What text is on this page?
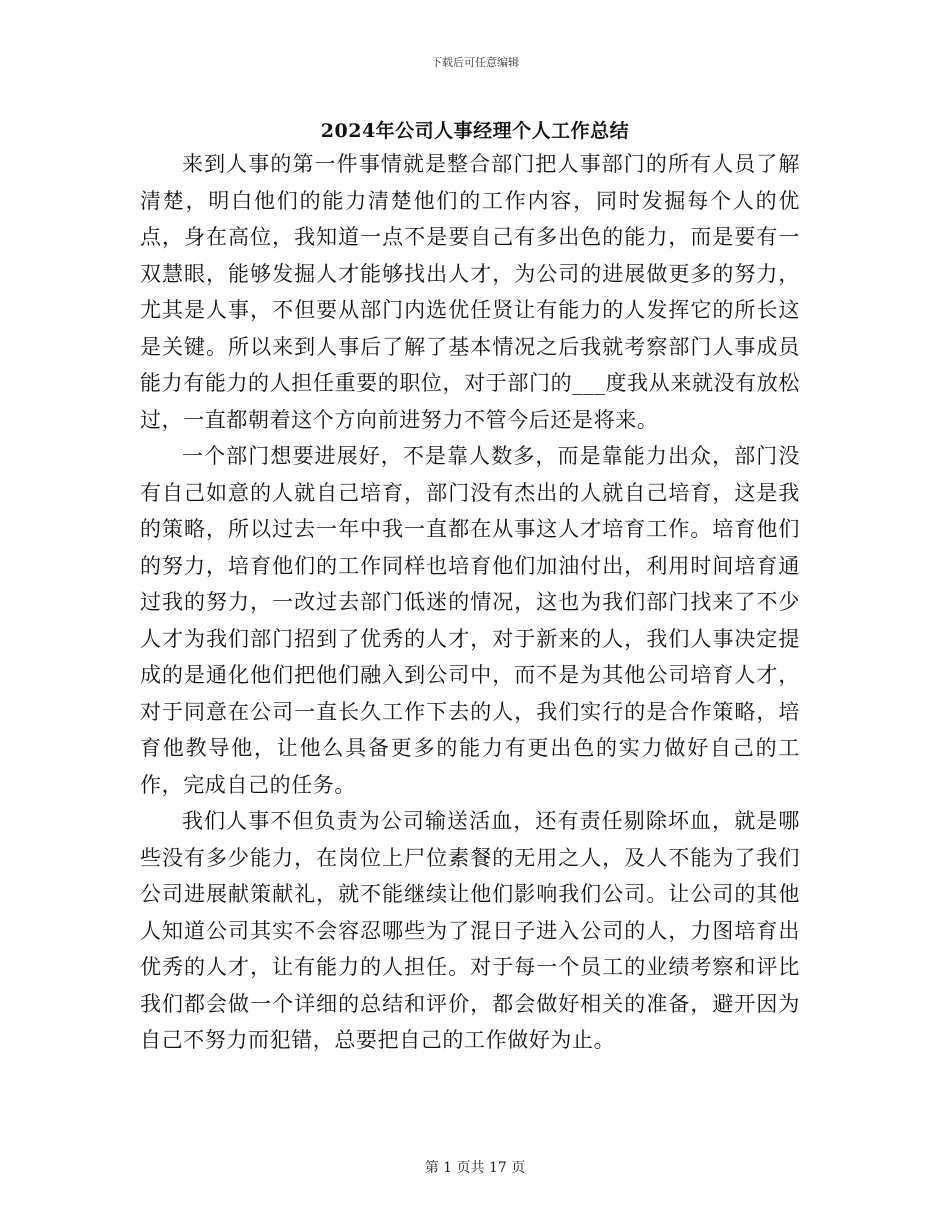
下载后可任意编辑
2024年公司人事经理个人工作总结

来到人事的第一件事情就是整合部门把人事部门的所有人员了解清楚，明白他们的能力清楚他们的工作内容，同时发掘每个人的优点，身在高位，我知道一点不是要自己有多出色的能力，而是要有一双慧眼，能够发掘人才能够找出人才，为公司的进展做更多的努力，尤其是人事，不但要从部门内选优任贤让有能力的人发挥它的所长这是关键。所以来到人事后了解了基本情况之后我就考察部门人事成员能力有能力的人担任重要的职位，对于部门的___度我从来就没有放松过，一直都朝着这个方向前进努力不管今后还是将来。

一个部门想要进展好，不是靠人数多，而是靠能力出众，部门没有自己如意的人就自己培育，部门没有杰出的人就自己培育，这是我的策略，所以过去一年中我一直都在从事这人才培育工作。培育他们的努力，培育他们的工作同样也培育他们加油付出，利用时间培育通过我的努力，一改过去部门低迷的情况，这也为我们部门找来了不少人才为我们部门招到了优秀的人才，对于新来的人，我们人事决定提成的是通化他们把他们融入到公司中，而不是为其他公司培育人才，对于同意在公司一直长久工作下去的人，我们实行的是合作策略，培育他教导他，让他么具备更多的能力有更出色的实力做好自己的工作，完成自己的任务。

我们人事不但负责为公司输送活血，还有责任剔除坏血，就是哪些没有多少能力，在岗位上尸位素餐的无用之人，及人不能为了我们公司进展献策献礼，就不能继续让他们影响我们公司。让公司的其他人知道公司其实不会容忍哪些为了混日子进入公司的人，力图培育出优秀的人才，让有能力的人担任。对于每一个员工的业绩考察和评比我们都会做一个详细的总结和评价，都会做好相关的准备，避开因为自己不努力而犯错，总要把自己的工作做好为止。

第 1 页共 17 页
